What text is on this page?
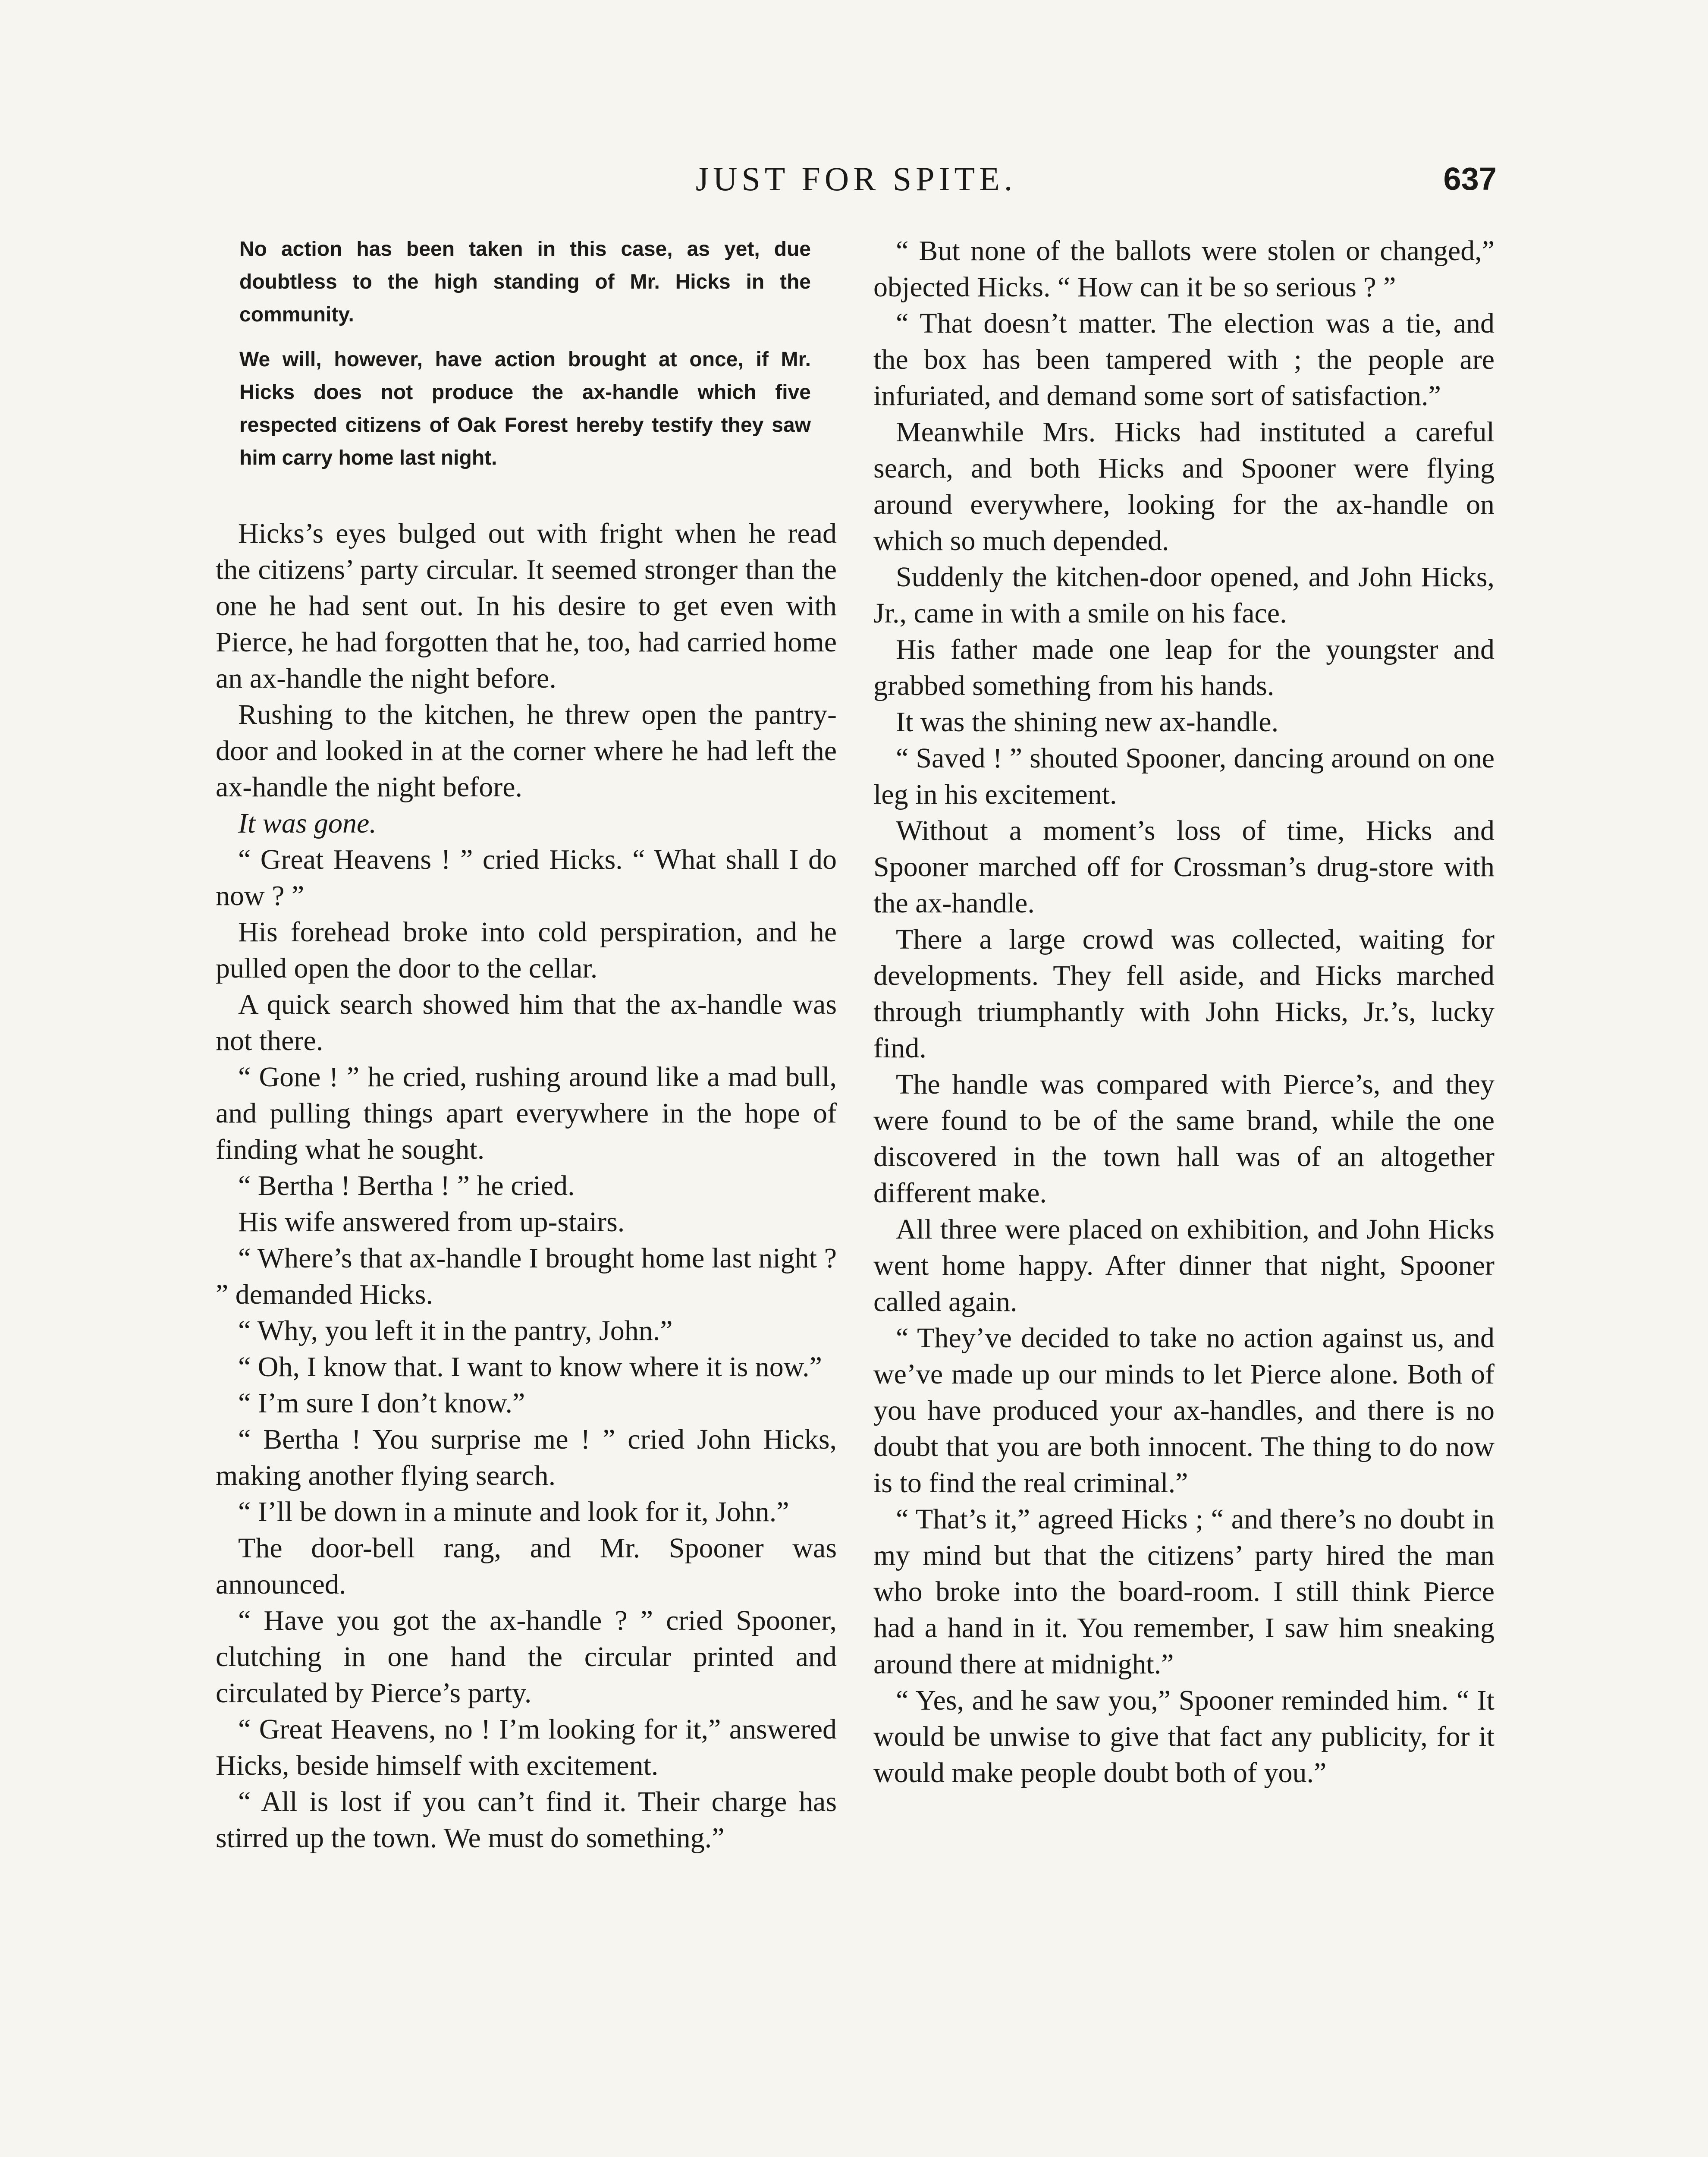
JUST FOR SPITE.	637

No action has been taken in this case, as yet, due doubtless to the high standing of Mr. Hicks in the community.

We will, however, have action brought at once, if Mr. Hicks does not produce the ax-handle which five respected citizens of Oak Forest hereby testify they saw him carry home last night.

Hicks’s eyes bulged out with fright when he read the citizens’ party circular. It seemed stronger than the one he had sent out. In his desire to get even with Pierce, he had forgotten that he, too, had carried home an ax-handle the night before.

Rushing to the kitchen, he threw open the pantry-door and looked in at the corner where he had left the ax-handle the night before.

It was gone.

“ Great Heavens ! ” cried Hicks. “ What shall I do now ? ”

His forehead broke into cold perspiration, and he pulled open the door to the cellar.

A quick search showed him that the ax-handle was not there.

“ Gone ! ” he cried, rushing around like a mad bull, and pulling things apart everywhere in the hope of finding what he sought.

“ Bertha ! Bertha ! ” he cried.

His wife answered from up-stairs.

“ Where’s that ax-handle I brought home last night ? ” demanded Hicks.

“ Why, you left it in the pantry, John.”

“ Oh, I know that. I want to know where it is now.”

“ I’m sure I don’t know.”

“ Bertha ! You surprise me ! ” cried John Hicks, making another flying search.

“ I’ll be down in a minute and look for it, John.”

The door-bell rang, and Mr. Spooner was announced.

“ Have you got the ax-handle ? ” cried Spooner, clutching in one hand the circular printed and circulated by Pierce’s party.

“ Great Heavens, no ! I’m looking for it,” answered Hicks, beside himself with excitement.

“ All is lost if you can’t find it. Their charge has stirred up the town. We must do something.”

“ But none of the ballots were stolen or changed,” objected Hicks. “ How can it be so serious ? ”

“ That doesn’t matter. The election was a tie, and the box has been tampered with ; the people are infuriated, and demand some sort of satisfaction.”

Meanwhile Mrs. Hicks had instituted a careful search, and both Hicks and Spooner were flying around everywhere, looking for the ax-handle on which so much depended.

Suddenly the kitchen-door opened, and John Hicks, Jr., came in with a smile on his face.

His father made one leap for the youngster and grabbed something from his hands.

It was the shining new ax-handle.

“ Saved ! ” shouted Spooner, dancing around on one leg in his excitement.

Without a moment’s loss of time, Hicks and Spooner marched off for Crossman’s drug-store with the ax-handle.

There a large crowd was collected, waiting for developments. They fell aside, and Hicks marched through triumphantly with John Hicks, Jr.’s, lucky find.

The handle was compared with Pierce’s, and they were found to be of the same brand, while the one discovered in the town hall was of an altogether different make.

All three were placed on exhibition, and John Hicks went home happy. After dinner that night, Spooner called again.

“ They’ve decided to take no action against us, and we’ve made up our minds to let Pierce alone. Both of you have produced your ax-handles, and there is no doubt that you are both innocent. The thing to do now is to find the real criminal.”

“ That’s it,” agreed Hicks ; “ and there’s no doubt in my mind but that the citizens’ party hired the man who broke into the board-room. I still think Pierce had a hand in it. You remember, I saw him sneaking around there at midnight.”

“ Yes, and he saw you,” Spooner reminded him. “ It would be unwise to give that fact any publicity, for it would make people doubt both of you.”
